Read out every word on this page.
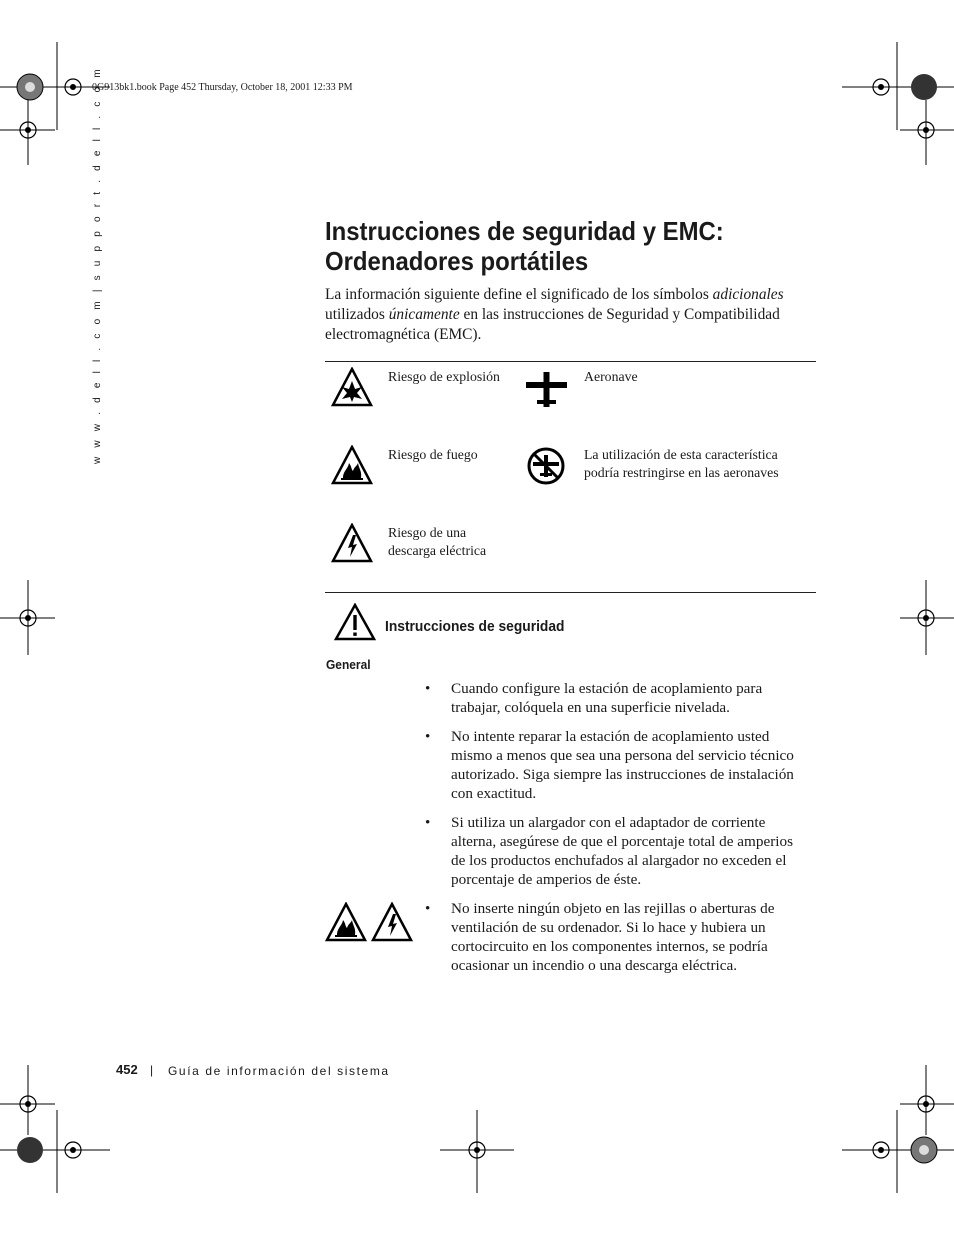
0G913bk1.book Page 452 Thursday, October 18, 2001 12:33 PM
w w w . d e l l . c o m | s u p p o r t . d e l l . c o m	Instrucciones de seguridad y EMC:
Ordenadores portátiles
La información siguiente define el significado de los símbolos adicionales utilizados únicamente en las instrucciones de Seguridad y Compatibilidad electromagnética (EMC).
Riesgo de explosión	Aeronave
Riesgo de fuego	La utilización de esta característica podría restringirse en las aeronaves
Riesgo de una descarga eléctrica
Instrucciones de seguridad
General
• Cuando configure la estación de acoplamiento para trabajar, colóquela en una superficie nivelada.
• No intente reparar la estación de acoplamiento usted mismo a menos que sea una persona del servicio técnico autorizado. Siga siempre las instrucciones de instalación con exactitud.
• Si utiliza un alargador con el adaptador de corriente alterna, asegúrese de que el porcentaje total de amperios de los productos enchufados al alargador no exceden el porcentaje de amperios de éste.
• No inserte ningún objeto en las rejillas o aberturas de ventilación de su ordenador. Si lo hace y hubiera un cortocircuito en los componentes internos, se podría ocasionar un incendio o una descarga eléctrica.
452 | Guía de información del sistema
